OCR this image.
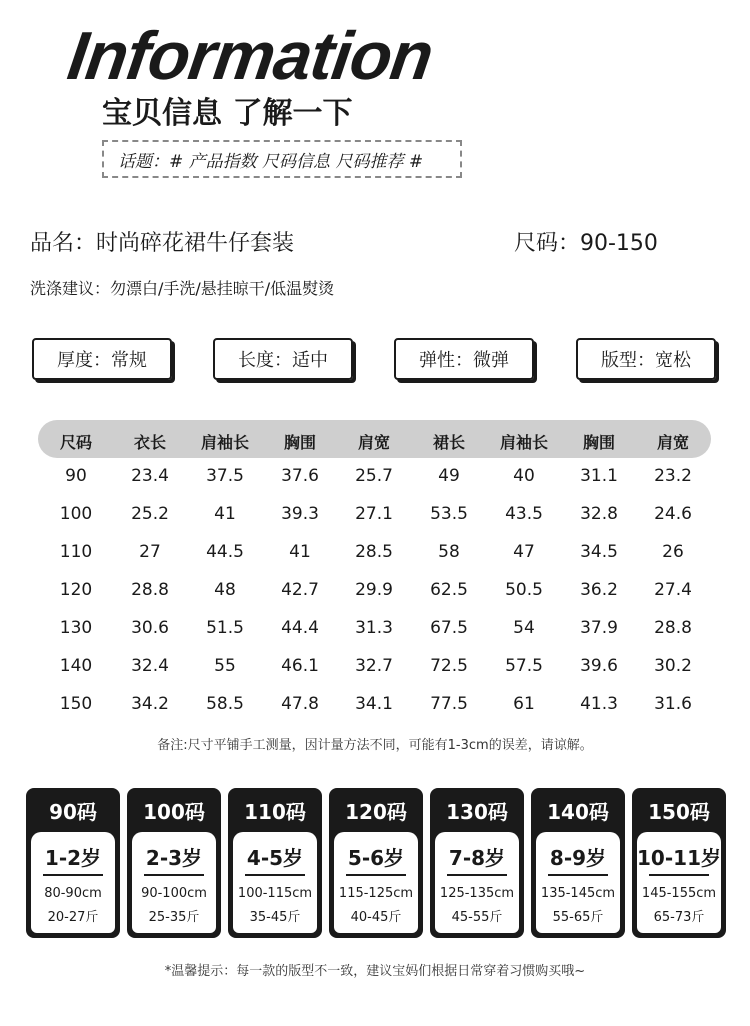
Information
宝贝信息 了解一下
话题：# 产品指数 尺码信息 尺码推荐 #
品名：时尚碎花裙牛仔套装	尺码：90-150
洗涤建议：勿漂白/手洗/悬挂晾干/低温熨烫
厚度：常规	长度：适中	弹性：微弹	版型：宽松
尺码	衣长	肩袖长	胸围	肩宽	裙长	肩袖长	胸围	肩宽
90	23.4	37.5	37.6	25.7	49	40	31.1	23.2
100	25.2	41	39.3	27.1	53.5	43.5	32.8	24.6
110	27	44.5	41	28.5	58	47	34.5	26
120	28.8	48	42.7	29.9	62.5	50.5	36.2	27.4
130	30.6	51.5	44.4	31.3	67.5	54	37.9	28.8
140	32.4	55	46.1	32.7	72.5	57.5	39.6	30.2
150	34.2	58.5	47.8	34.1	77.5	61	41.3	31.6
备注:尺寸平铺手工测量，因计量方法不同，可能有1-3cm的误差，请谅解。
90码
1-2岁
80-90cm
20-27斤
100码
2-3岁
90-100cm
25-35斤
110码
4-5岁
100-115cm
35-45斤
120码
5-6岁
115-125cm
40-45斤
130码
7-8岁
125-135cm
45-55斤
140码
8-9岁
135-145cm
55-65斤
150码
10-11岁
145-155cm
65-73斤
*温馨提示：每一款的版型不一致，建议宝妈们根据日常穿着习惯购买哦~
